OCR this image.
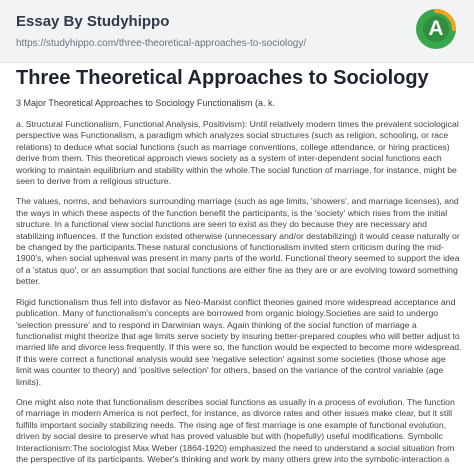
Essay By Studyhippo
https://studyhippo.com/three-theoretical-approaches-to-sociology/
A
Three Theoretical Approaches to Sociology

3 Major Theoretical Approaches to Sociology Functionalism (a. k.

a. Structural Functionalism, Functional Analysis, Positivism): Until relatively modern times the prevalent sociological perspective was Functionalism, a paradigm which analyzes social structures (such as religion, schooling, or race relations) to deduce what social functions (such as marriage conventions, college attendance, or hiring practices) derive from them. This theoretical approach views society as a system of inter-dependent social functions each working to maintain equilibrium and stability within the whole.The social function of marriage, for instance, might be seen to derive from a religious structure.

The values, norms, and behaviors surrounding marriage (such as age limits, 'showers', and marriage licenses), and the ways in which these aspects of the function benefit the participants, is the 'society' which rises from the initial structure. In a functional view social functions are seen to exist as they do because they are necessary and stabilizing influences. If the function existed otherwise (unnecessary and/or destabilizing) it would cease naturally or be changed by the participants.These natural conclusions of functionalism invited stern criticism during the mid-1900's, when social upheaval was present in many parts of the world. Functional theory seemed to support the idea of a 'status quo', or an assumption that social functions are either fine as they are or are evolving toward something better.

Rigid functionalism thus fell into disfavor as Neo-Marxist conflict theories gained more widespread acceptance and publication. Many of functionalism's concepts are borrowed from organic biology.Societies are said to undergo 'selection pressure' and to respond in Darwinian ways. Again thinking of the social function of marriage a functionalist might theorize that age limits serve society by insuring better-prepared couples who will better adjust to married life and divorce less frequently. If this were so, the function would be expected to become more widespread. If this were correct a functional analysis would see 'negative selection' against some societies (those whose age limit was counter to theory) and 'positive selection' for others, based on the variance of the control variable (age limits).

One might also note that functionalism describes social functions as usually in a process of evolution. The function of marriage in modern America is not perfect, for instance, as divorce rates and other issues make clear, but it still fulfills important socially stabilizing needs. The rising age of first marriage is one example of functional evolution, driven by social desire to preserve what has proved valuable but with (hopefully) useful modifications. Symbolic Interactionism:The sociologist Max Weber (1864-1920) emphasized the need to understand a social situation from the perspective of its participants. Weber's thinking and work by many others grew into the symbolic-interaction a
